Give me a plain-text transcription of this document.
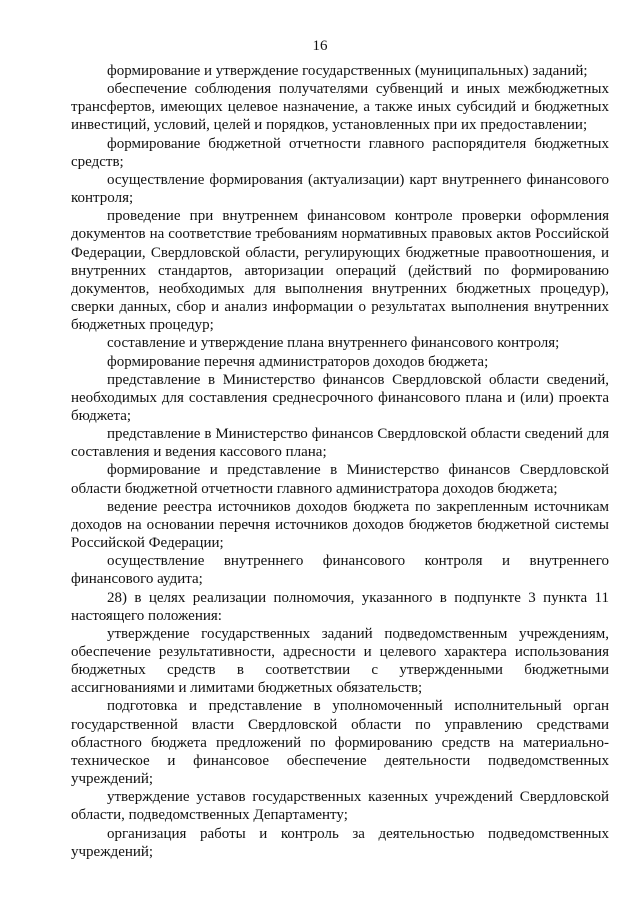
16

формирование и утверждение государственных (муниципальных) заданий;

обеспечение соблюдения получателями субвенций и иных межбюджетных трансфертов, имеющих целевое назначение, а также иных субсидий и бюджетных инвестиций, условий, целей и порядков, установленных при их предоставлении;

формирование бюджетной отчетности главного распорядителя бюджетных средств;

осуществление формирования (актуализации) карт внутреннего финансового контроля;

проведение при внутреннем финансовом контроле проверки оформления документов на соответствие требованиям нормативных правовых актов Российской Федерации, Свердловской области, регулирующих бюджетные правоотношения, и внутренних стандартов, авторизации операций (действий по формированию документов, необходимых для выполнения внутренних бюджетных процедур), сверки данных, сбор и анализ информации о результатах выполнения внутренних бюджетных процедур;

составление и утверждение плана внутреннего финансового контроля;

формирование перечня администраторов доходов бюджета;

представление в Министерство финансов Свердловской области сведений, необходимых для составления среднесрочного финансового плана и (или) проекта бюджета;

представление в Министерство финансов Свердловской области сведений для составления и ведения кассового плана;

формирование и представление в Министерство финансов Свердловской области бюджетной отчетности главного администратора доходов бюджета;

ведение реестра источников доходов бюджета по закрепленным источникам доходов на основании перечня источников доходов бюджетов бюджетной системы Российской Федерации;

осуществление внутреннего финансового контроля и внутреннего финансового аудита;

28) в целях реализации полномочия, указанного в подпункте 3 пункта 11 настоящего положения:

утверждение государственных заданий подведомственным учреждениям, обеспечение результативности, адресности и целевого характера использования бюджетных средств в соответствии с утвержденными бюджетными ассигнованиями и лимитами бюджетных обязательств;

подготовка и представление в уполномоченный исполнительный орган государственной власти Свердловской области по управлению средствами областного бюджета предложений по формированию средств на материально-техническое и финансовое обеспечение деятельности подведомственных учреждений;

утверждение уставов государственных казенных учреждений Свердловской области, подведомственных Департаменту;

организация работы и контроль за деятельностью подведомственных учреждений;
